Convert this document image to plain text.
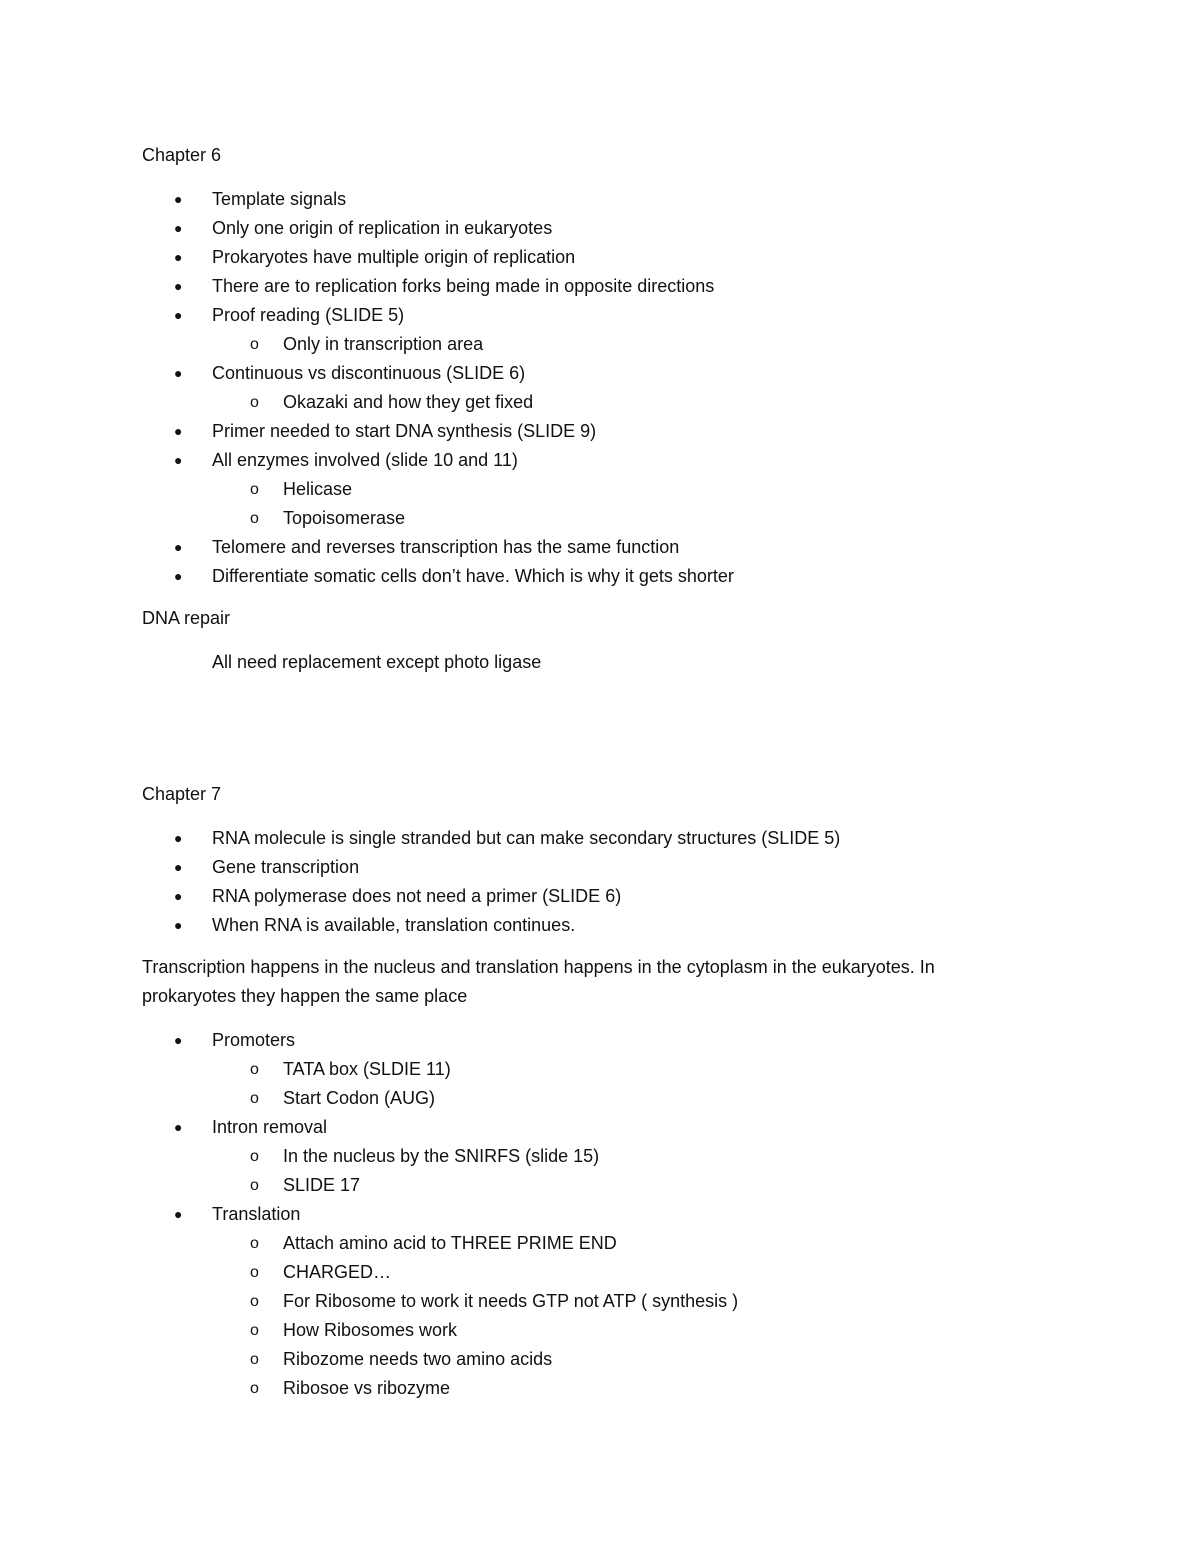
Chapter 6

● Template signals
● Only one origin of replication in eukaryotes
● Prokaryotes have multiple origin of replication
● There are to replication forks being made in opposite directions
● Proof reading (SLIDE 5)
o Only in transcription area
● Continuous vs discontinuous (SLIDE 6)
o Okazaki and how they get fixed
● Primer needed to start DNA synthesis (SLIDE 9)
● All enzymes involved (slide 10 and 11)
o Helicase
o Topoisomerase
● Telomere and reverses transcription has the same function
● Differentiate somatic cells don’t have. Which is why it gets shorter

DNA repair

All need replacement except photo ligase

Chapter 7

● RNA molecule is single stranded but can make secondary structures (SLIDE 5)
● Gene transcription
● RNA polymerase does not need a primer (SLIDE 6)
● When RNA is available, translation continues.

Transcription happens in the nucleus and translation happens in the cytoplasm in the eukaryotes. In prokaryotes they happen the same place

● Promoters
o TATA box (SLDIE 11)
o Start Codon (AUG)
● Intron removal
o In the nucleus by the SNIRFS (slide 15)
o SLIDE 17
● Translation
o Attach amino acid to THREE PRIME END
o CHARGED…
o For Ribosome to work it needs GTP not ATP ( synthesis )
o How Ribosomes work
o Ribozome needs two amino acids
o Ribosoe vs ribozyme
